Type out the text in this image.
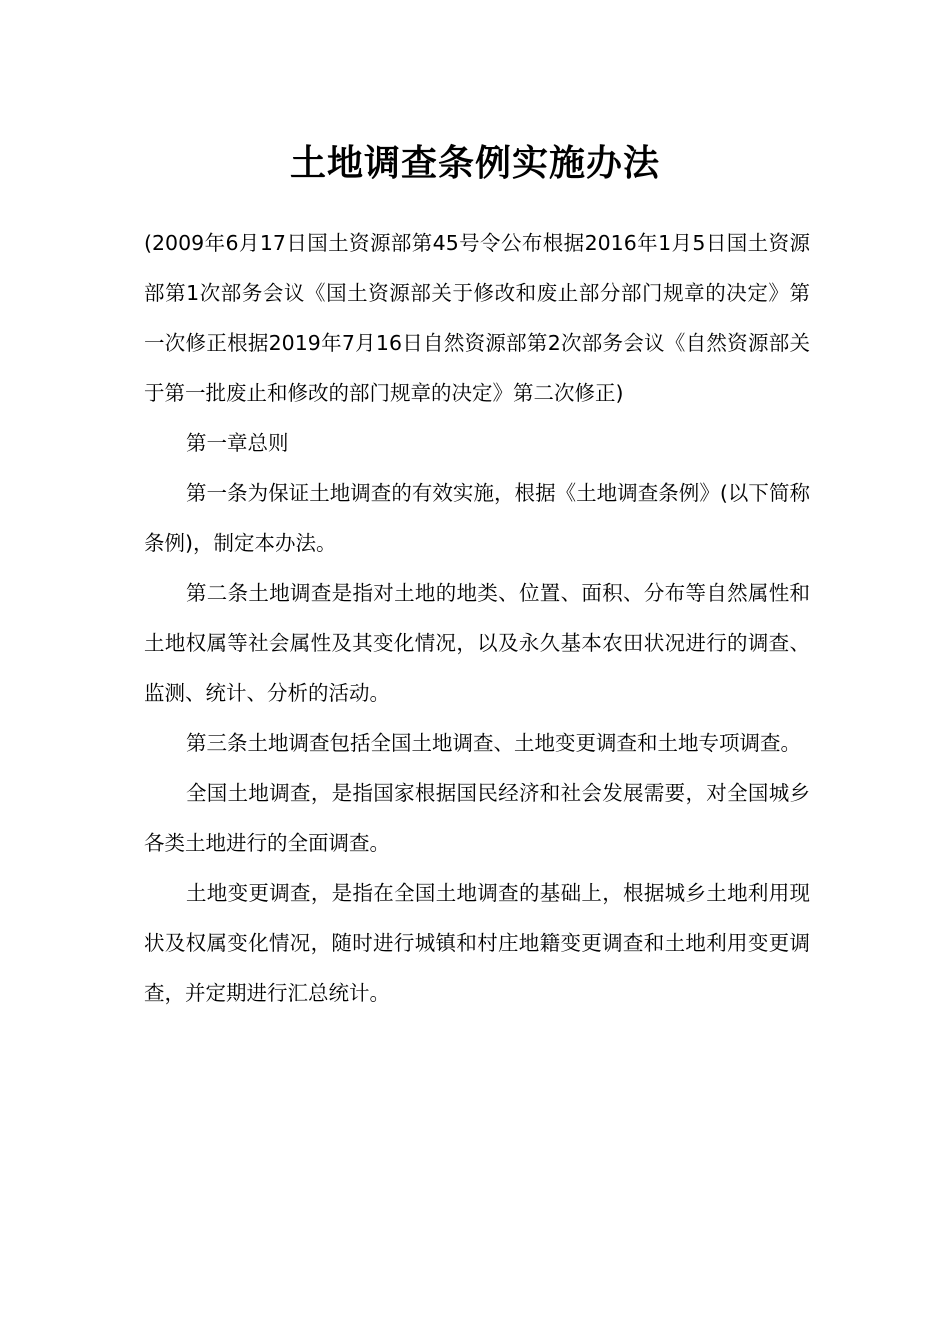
土地调查条例实施办法

(2009年6月17日国土资源部第45号令公布根据2016年1月5日国土资源部第1次部务会议《国土资源部关于修改和废止部分部门规章的决定》第一次修正根据2019年7月16日自然资源部第2次部务会议《自然资源部关于第一批废止和修改的部门规章的决定》第二次修正)

第一章总则

第一条为保证土地调查的有效实施，根据《土地调查条例》(以下简称条例)，制定本办法。

第二条土地调查是指对土地的地类、位置、面积、分布等自然属性和土地权属等社会属性及其变化情况，以及永久基本农田状况进行的调查、监测、统计、分析的活动。

第三条土地调查包括全国土地调查、土地变更调查和土地专项调查。

全国土地调查，是指国家根据国民经济和社会发展需要，对全国城乡各类土地进行的全面调查。

土地变更调查，是指在全国土地调查的基础上，根据城乡土地利用现状及权属变化情况，随时进行城镇和村庄地籍变更调查和土地利用变更调查，并定期进行汇总统计。
